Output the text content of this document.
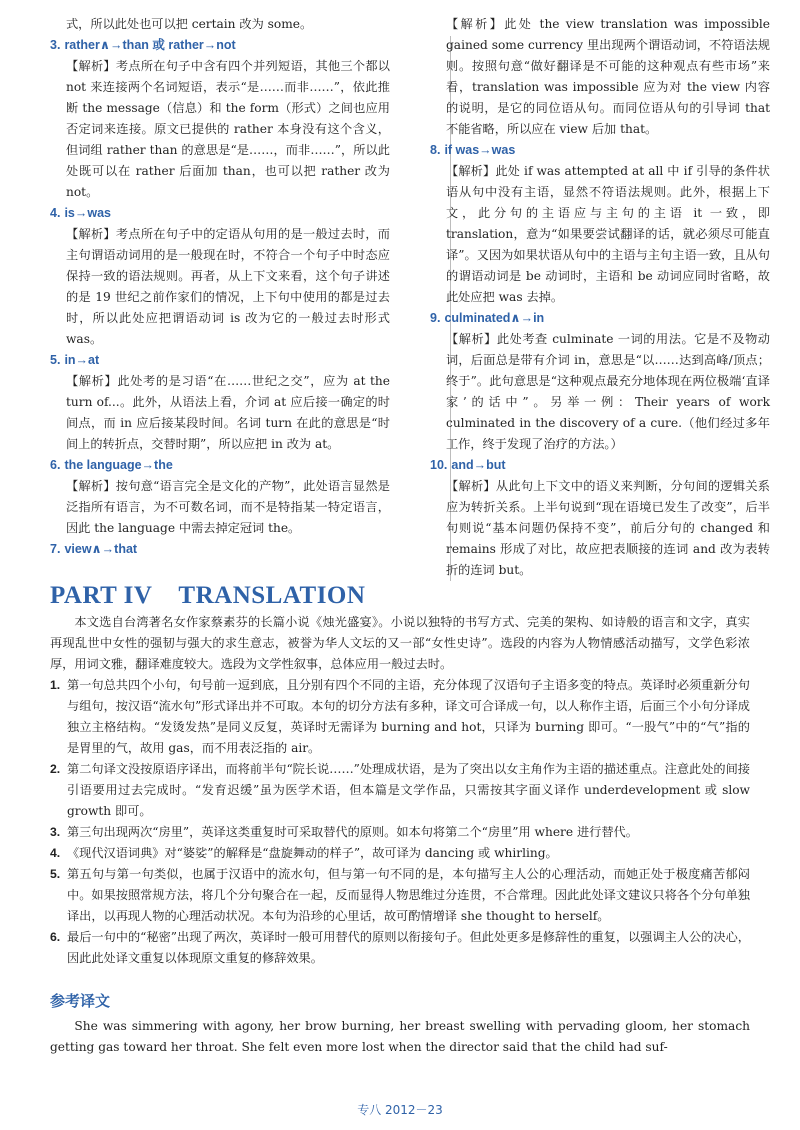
式，所以此处也可以把 certain 改为 some。

3. rather∧→than 或 rather→not

【解析】考点所在句子中含有四个并列短语，其他三个都以 not 来连接两个名词短语，表示“是……而非……”，依此推断 the message（信息）和 the form（形式）之间也应用否定词来连接。原文已提供的 rather 本身没有这个含义，但词组 rather than 的意思是“是……，而非……”，所以此处既可以在 rather 后面加 than，也可以把 rather 改为 not。

4. is→was

【解析】考点所在句子中的定语从句用的是一般过去时，而主句谓语动词用的是一般现在时，不符合一个句子中时态应保持一致的语法规则。再者，从上下文来看，这个句子讲述的是 19 世纪之前作家们的情况，上下句中使用的都是过去时，所以此处应把谓语动词 is 改为它的一般过去时形式 was。

5. in→at

【解析】此处考的是习语“在……世纪之交”，应为 at the turn of...。此外，从语法上看，介词 at 应后接一确定的时间点，而 in 应后接某段时间。名词 turn 在此的意思是“时间上的转折点，交替时期”，所以应把 in 改为 at。

6. the language→the

【解析】按句意“语言完全是文化的产物”，此处语言显然是泛指所有语言，为不可数名词，而不是特指某一特定语言，因此 the language 中需去掉定冠词 the。

7. view∧→that

【解析】此处 the view translation was impossible gained some currency 里出现两个谓语动词，不符语法规则。按照句意“做好翻译是不可能的这种观点有些市场”来看，translation was impossible 应为对 the view 内容的说明，是它的同位语从句。而同位语从句的引导词 that 不能省略，所以应在 view 后加 that。

8. if was→was

【解析】此处 if was attempted at all 中 if 引导的条件状语从句中没有主语，显然不符语法规则。此外，根据上下文，此分句的主语应与主句的主语 it 一致，即 translation，意为“如果要尝试翻译的话，就必须尽可能直译”。又因为如果状语从句中的主语与主句主语一致，且从句的谓语动词是 be 动词时，主语和 be 动词应同时省略，故此处应把 was 去掉。

9. culminated∧→in

【解析】此处考查 culminate 一词的用法。它是不及物动词，后面总是带有介词 in，意思是“以……达到高峰/顶点；终于”。此句意思是“这种观点最充分地体现在两位极端‘直译家’的话中”。另举一例：Their years of work culminated in the discovery of a cure.（他们经过多年工作，终于发现了治疗的方法。）

10. and→but

【解析】从此句上下文中的语义来判断，分句间的逻辑关系应为转折关系。上半句说到“现在语境已发生了改变”，后半句则说“基本问题仍保持不变”，前后分句的 changed 和 remains 形成了对比，故应把表顺接的连词 and 改为表转折的连词 but。

PART IV TRANSLATION

本文选自台湾著名女作家蔡素芬的长篇小说《烛光盛宴》。小说以独特的书写方式、完美的架构、如诗般的语言和文字，真实再现乱世中女性的强韧与强大的求生意志，被誉为华人文坛的又一部“女性史诗”。选段的内容为人物情感活动描写，文学色彩浓厚，用词文雅，翻译难度较大。选段为文学性叙事，总体应用一般过去时。

1. 第一句总共四个小句，句号前一逗到底，且分别有四个不同的主语，充分体现了汉语句子主语多变的特点。英译时必须重新分句与组句，按汉语“流水句”形式译出并不可取。本句的切分方法有多种，译文可合译成一句，以人称作主语，后面三个小句分译成独立主格结构。“发烫发热”是同义反复，英译时无需译为 burning and hot，只译为 burning 即可。“一股气”中的“气”指的是胃里的气，故用 gas，而不用表泛指的 air。
2. 第二句译文没按原语序译出，而将前半句“院长说……”处理成状语，是为了突出以女主角作为主语的描述重点。注意此处的间接引语要用过去完成时。“发育迟缓”虽为医学术语，但本篇是文学作品，只需按其字面义译作 underdevelopment 或 slow growth 即可。
3. 第三句出现两次“房里”，英译这类重复时可采取替代的原则。如本句将第二个“房里”用 where 进行替代。
4. 《现代汉语词典》对“婆娑”的解释是“盘旋舞动的样子”，故可译为 dancing 或 whirling。
5. 第五句与第一句类似，也属于汉语中的流水句，但与第一句不同的是，本句描写主人公的心理活动，而她正处于极度痛苦郁闷中。如果按照常规方法，将几个分句聚合在一起，反而显得人物思维过分连贯，不合常理。因此此处译文建议只将各个分句单独译出，以再现人物的心理活动状况。本句为沿珍的心里话，故可酌情增译 she thought to herself。
6. 最后一句中的“秘密”出现了两次，英译时一般可用替代的原则以衔接句子。但此处更多是修辞性的重复，以强调主人公的决心，因此此处译文重复以体现原文重复的修辞效果。
参考译文

She was simmering with agony, her brow burning, her breast swelling with pervading gloom, her stomach getting gas toward her throat. She felt even more lost when the director said that the child had suf-

专八 2012－23
